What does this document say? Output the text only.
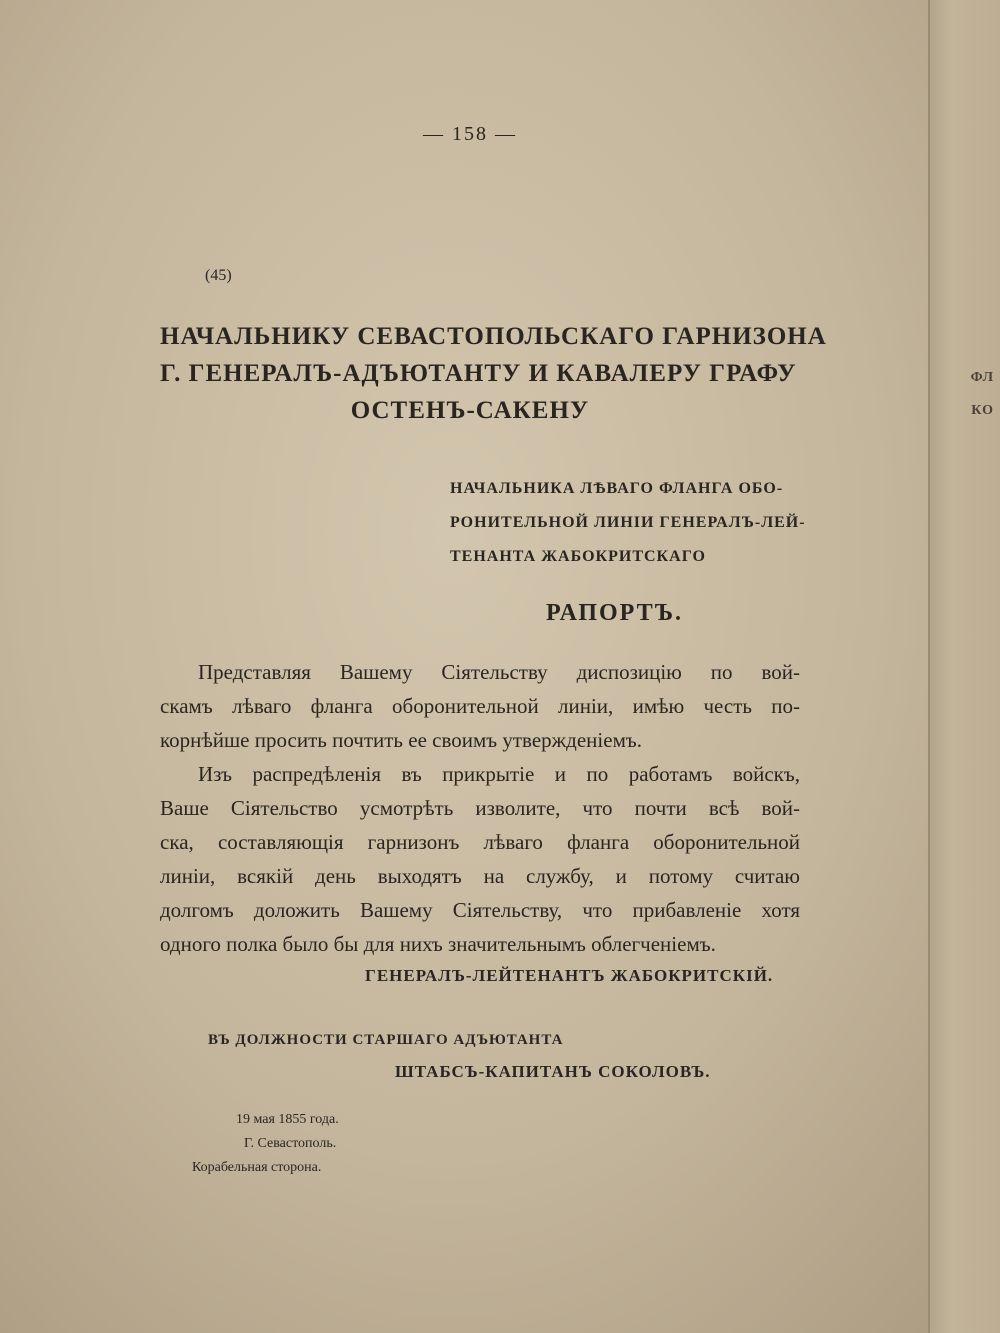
ФЛ
КО
— 158 —
(45)
НАЧАЛЬНИКУ СЕВАСТОПОЛЬСКАГО ГАРНИЗОНА
Г. ГЕНЕРАЛЪ-АДЪЮТАНТУ И КАВАЛЕРУ ГРАФУ
ОСТЕНЪ-САКЕНУ
НАЧАЛЬНИКА ЛѢВАГО ФЛАНГА ОБО-
РОНИТЕЛЬНОЙ ЛИНІИ ГЕНЕРАЛЪ-ЛЕЙ-
ТЕНАНТА ЖАБОКРИТСКАГО
РАПОРТЪ.
Представляя Вашему Сіятельству диспозицію по вой-
скамъ лѣваго фланга оборонительной линіи, имѣю честь по-
корнѣйше просить почтить ее своимъ утвержденіемъ.
Изъ распредѣленія въ прикрытіе и по работамъ войскъ,
Ваше Сіятельство усмотрѣть изволите, что почти всѣ вой-
ска, составляющія гарнизонъ лѣваго фланга оборонительной
линіи, всякій день выходятъ на службу, и потому считаю
долгомъ доложить Вашему Сіятельству, что прибавленіе хотя
одного полка было бы для нихъ значительнымъ облегченіемъ.
ГЕНЕРАЛЪ-ЛЕЙТЕНАНТЪ ЖАБОКРИТСКІЙ.
ВЪ ДОЛЖНОСТИ СТАРШАГО АДЪЮТАНТА
ШТАБСЪ-КАПИТАНЪ СОКОЛОВЪ.
19 мая 1855 года.
Г. Севастополь.
Корабельная сторона.
